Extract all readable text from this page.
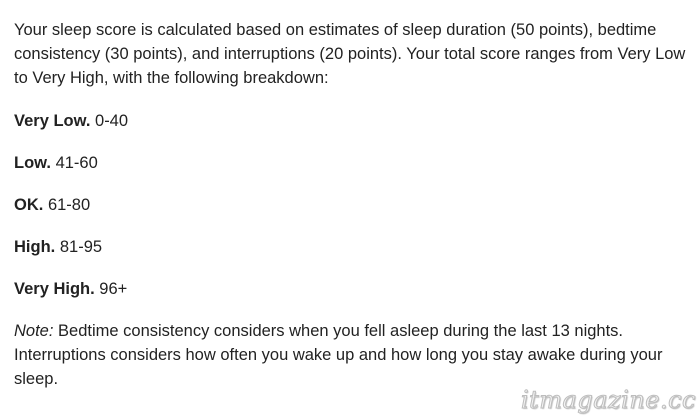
Your sleep score is calculated based on estimates of sleep duration (50 points), bedtime consistency (30 points), and interruptions (20 points). Your total score ranges from Very Low to Very High, with the following breakdown:

Very Low. 0-40
Low. 41-60
OK. 61-80
High. 81-95
Very High. 96+

Note: Bedtime consistency considers when you fell asleep during the last 13 nights. Interruptions considers how often you wake up and how long you stay awake during your sleep.

itmagazine.cc
